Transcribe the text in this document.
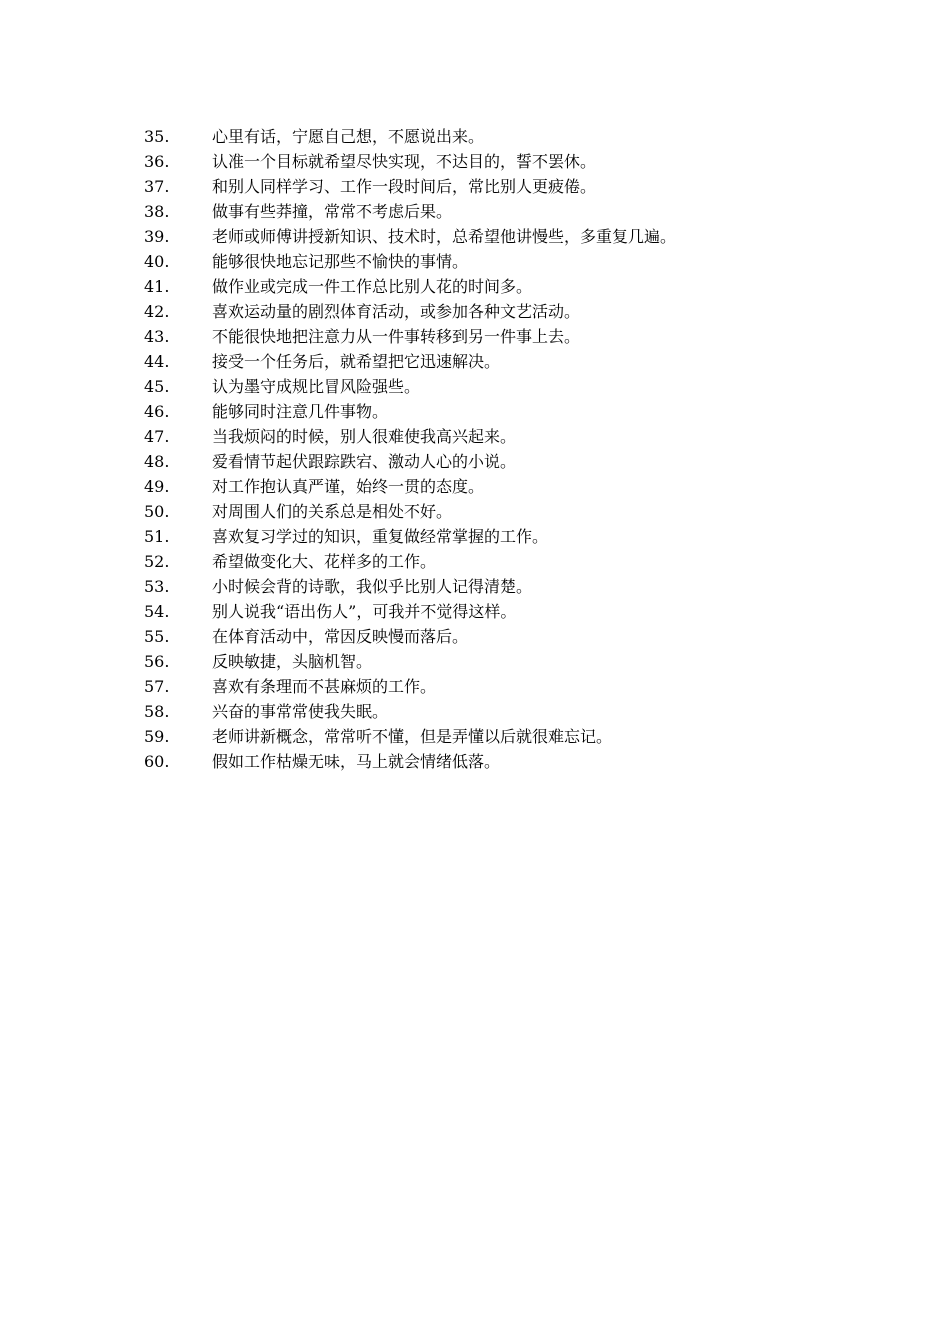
35.	心里有话，宁愿自己想，不愿说出来。
36.	认准一个目标就希望尽快实现，不达目的，誓不罢休。
37.	和别人同样学习、工作一段时间后，常比别人更疲倦。
38.	做事有些莽撞，常常不考虑后果。
39.	老师或师傅讲授新知识、技术时，总希望他讲慢些，多重复几遍。
40.	能够很快地忘记那些不愉快的事情。
41.	做作业或完成一件工作总比别人花的时间多。
42.	喜欢运动量的剧烈体育活动，或参加各种文艺活动。
43.	不能很快地把注意力从一件事转移到另一件事上去。
44.	接受一个任务后，就希望把它迅速解决。
45.	认为墨守成规比冒风险强些。
46.	能够同时注意几件事物。
47.	当我烦闷的时候，别人很难使我高兴起来。
48.	爱看情节起伏跟踪跌宕、激动人心的小说。
49.	对工作抱认真严谨，始终一贯的态度。
50.	对周围人们的关系总是相处不好。
51.	喜欢复习学过的知识，重复做经常掌握的工作。
52.	希望做变化大、花样多的工作。
53.	小时候会背的诗歌，我似乎比别人记得清楚。
54.	别人说我“语出伤人”，可我并不觉得这样。
55.	在体育活动中，常因反映慢而落后。
56.	反映敏捷，头脑机智。
57.	喜欢有条理而不甚麻烦的工作。
58.	兴奋的事常常使我失眠。
59.	老师讲新概念，常常听不懂，但是弄懂以后就很难忘记。
60.	假如工作枯燥无味，马上就会情绪低落。
